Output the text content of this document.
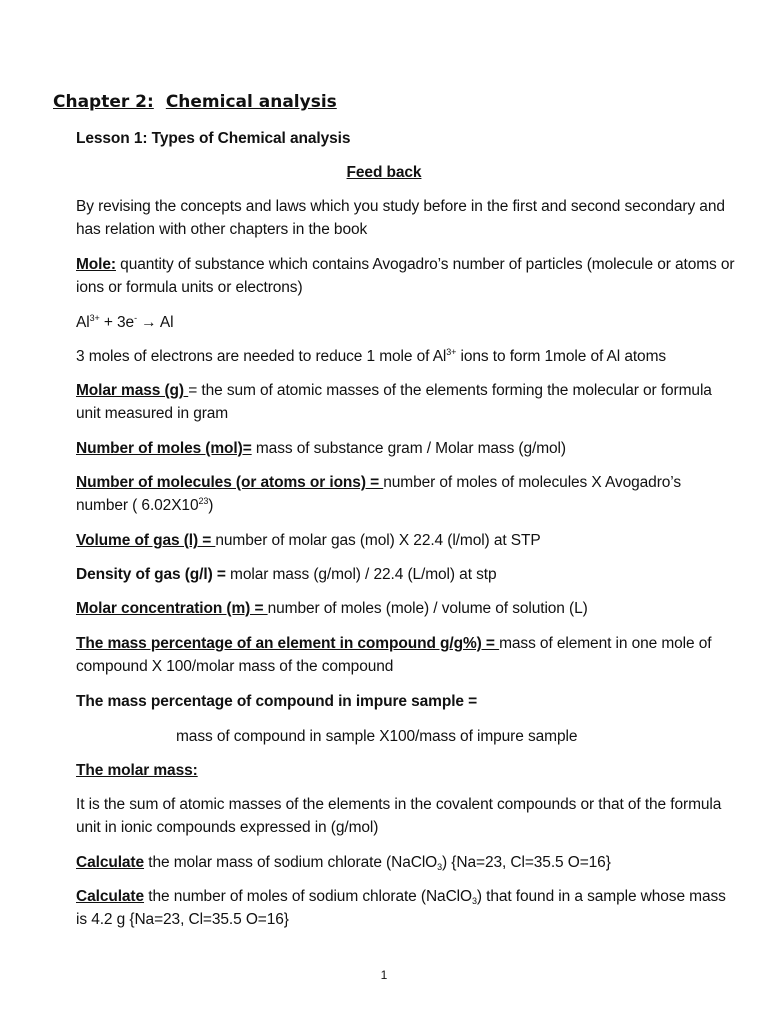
Chapter 2: Chemical analysis
Lesson 1: Types of Chemical analysis
Feed back
By revising the concepts and laws which you study before in the first and second secondary and has relation with other chapters in the book
Mole: quantity of substance which contains Avogadro’s number of particles (molecule or atoms or ions or formula units or electrons)
$Al^{3+} + 3e^- \to Al$
3 moles of electrons are needed to reduce 1 mole of $Al^{3+}$ ions to form 1mole of Al atoms
Molar mass (g) = the sum of atomic masses of the elements forming the molecular or formula unit measured in gram
Number of moles (mol)= mass of substance gram / Molar mass (g/mol)
Number of molecules (or atoms or ions) = number of moles of molecules X Avogadro’s number ( $6.02X10^{23}$)
Volume of gas (l) = number of molar gas (mol) X 22.4 (l/mol) at STP
Density of gas (g/l) = molar mass (g/mol) / 22.4 (L/mol) at stp
Molar concentration (m) = number of moles (mole) / volume of solution (L)
The mass percentage of an element in compound g/g%) = mass of element in one mole of compound X 100/molar mass of the compound
The mass percentage of compound in impure sample =
mass of compound in sample X100/mass of impure sample
The molar mass:
It is the sum of atomic masses of the elements in the covalent compounds or that of the formula unit in ionic compounds expressed in (g/mol)
Calculate the molar mass of sodium chlorate (NaClO$_3$) {Na=23, Cl=35.5 O=16}
Calculate the number of moles of sodium chlorate (NaClO$_3$) that found in a sample whose mass is 4.2 g {Na=23, Cl=35.5 O=16}
1
